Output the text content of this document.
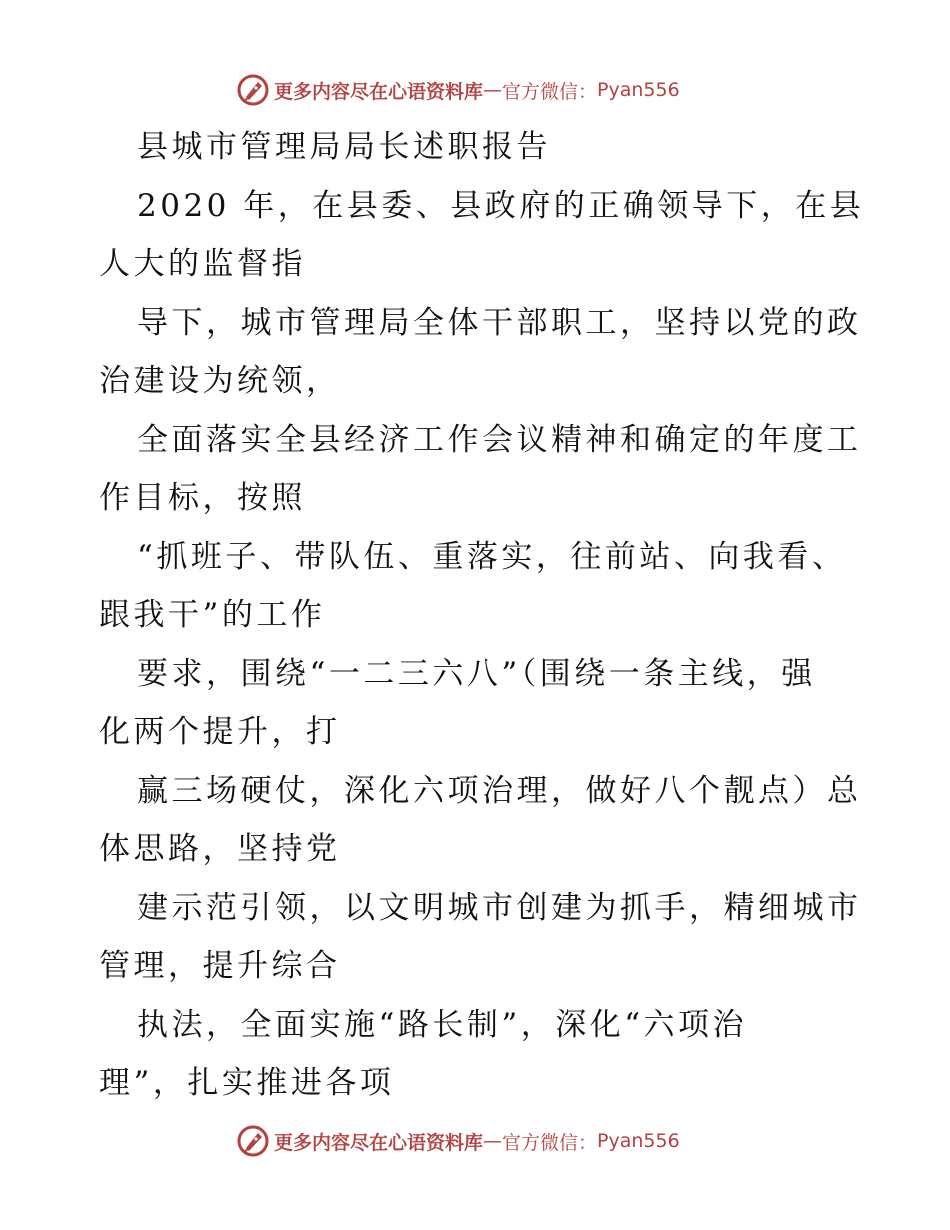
更多内容尽在心语资料库 — 官方微信： Pyan556
县城市管理局局长述职报告
2020 年，在县委、县政府的正确领导下，在县
人大的监督指
导下，城市管理局全体干部职工，坚持以党的政
治建设为统领，
全面落实全县经济工作会议精神和确定的年度工
作目标，按照
“抓班子、带队伍、重落实，往前站、向我看、
跟我干”的工作
要求，围绕“一二三六八”（围绕一条主线，强
化两个提升，打
赢三场硬仗，深化六项治理，做好八个靓点）总
体思路，坚持党
建示范引领，以文明城市创建为抓手，精细城市
管理，提升综合
执法，全面实施“路长制”，深化“六项治
理”，扎实推进各项
更多内容尽在心语资料库 — 官方微信： Pyan556
